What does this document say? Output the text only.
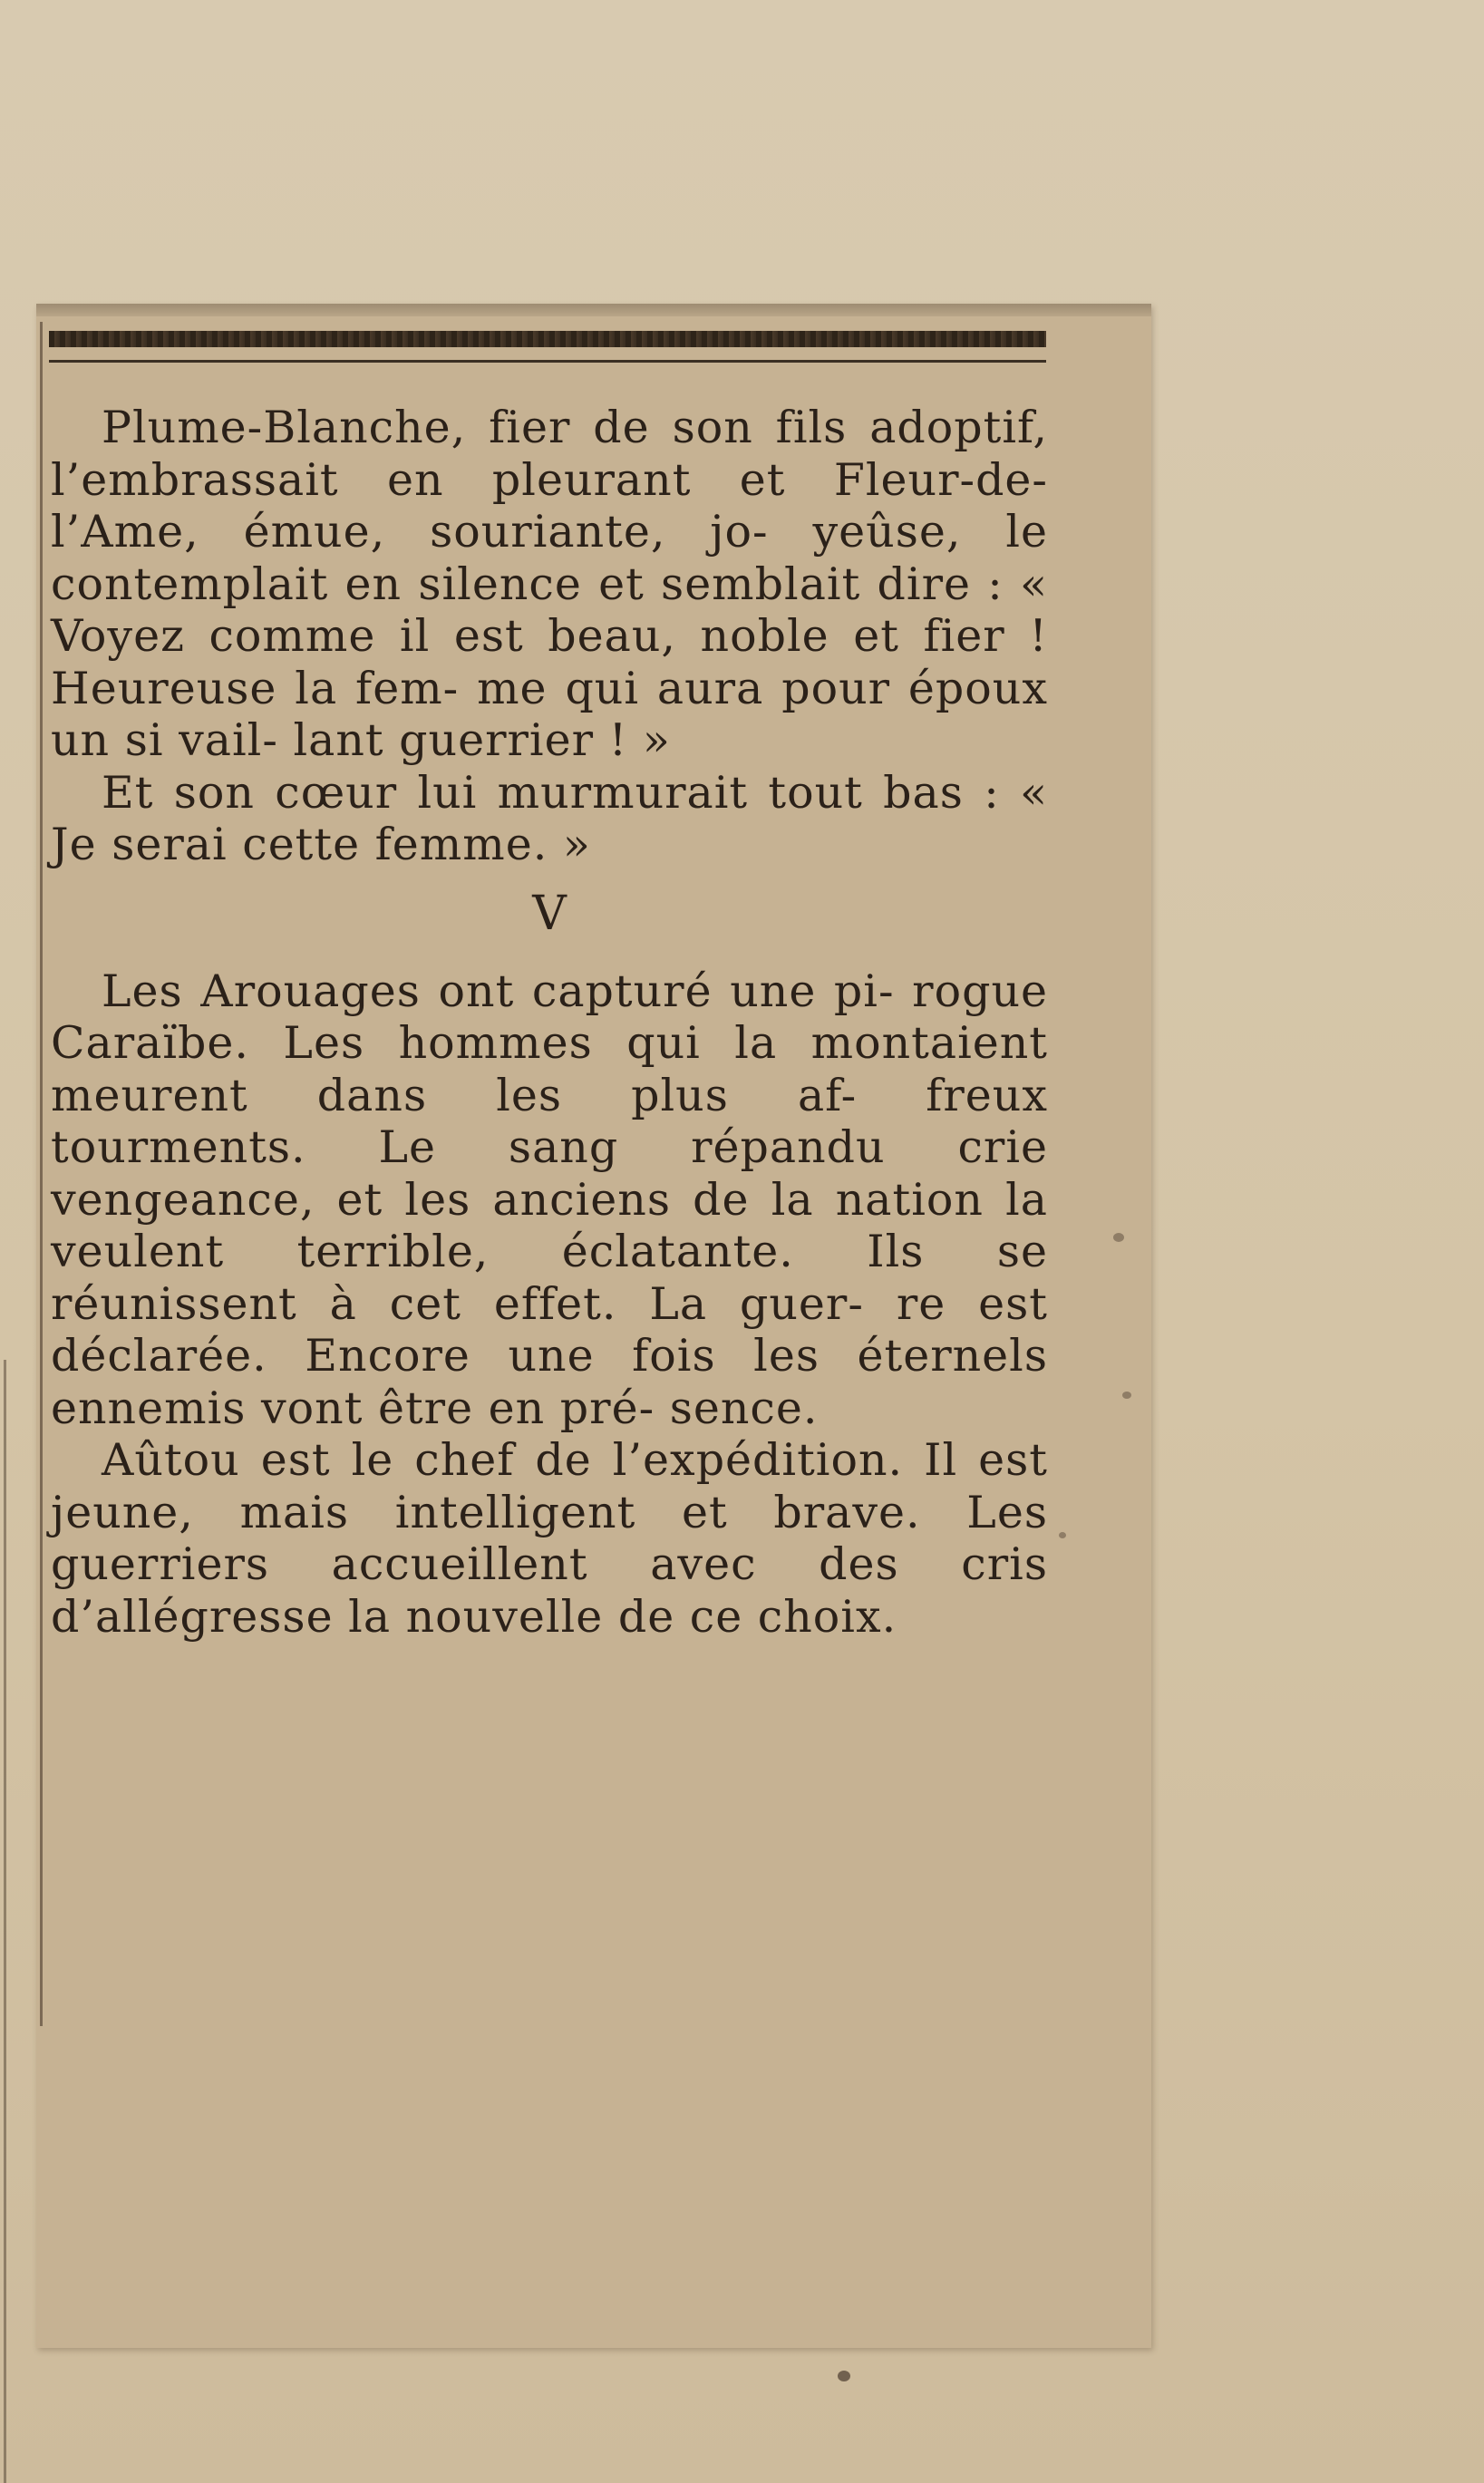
Plume-Blanche, fier de son fils adoptif, l’embrassait en pleurant et Fleur-de-l’Ame, émue, souriante, jo- yeûse, le contemplait en silence et semblait dire : « Voyez comme il est beau, noble et fier ! Heureuse la fem- me qui aura pour époux un si vail- lant guerrier ! »

Et son cœur lui murmurait tout bas : « Je serai cette femme. »

V

Les Arouages ont capturé une pi- rogue Caraïbe. Les hommes qui la montaient meurent dans les plus af- freux tourments. Le sang répandu crie vengeance, et les anciens de la nation la veulent terrible, éclatante. Ils se réunissent à cet effet. La guer- re est déclarée. Encore une fois les éternels ennemis vont être en pré- sence.

Aûtou est le chef de l’expédition. Il est jeune, mais intelligent et brave. Les guerriers accueillent avec des cris d’allégresse la nouvelle de ce choix.
